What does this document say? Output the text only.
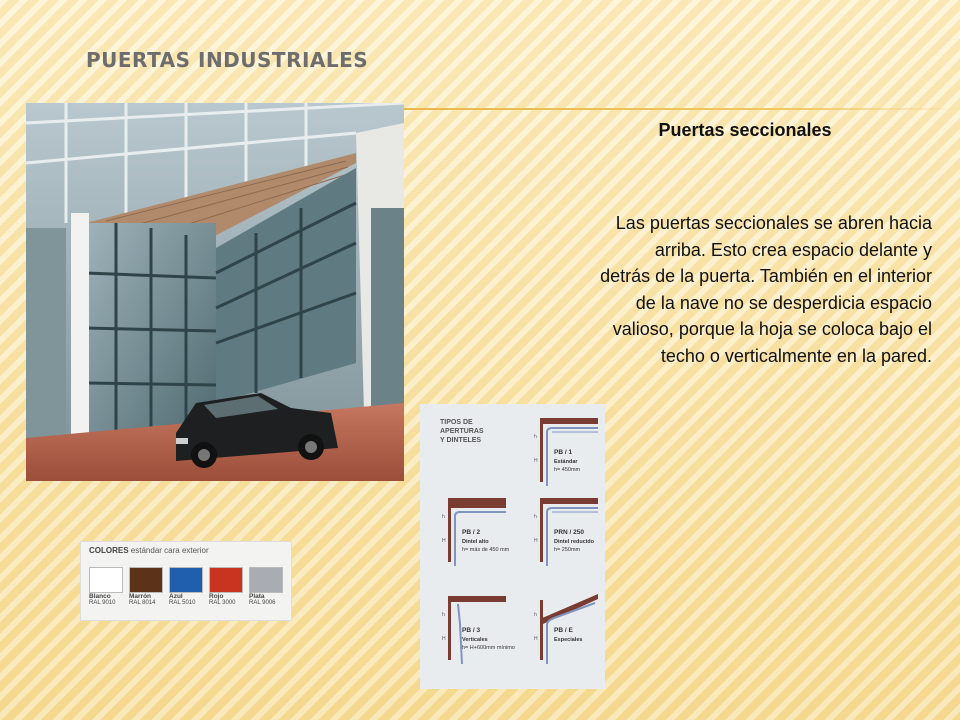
PUERTAS INDUSTRIALES
Puertas seccionales

Las puertas seccionales se abren hacia arriba. Esto crea espacio delante y detrás de la puerta. También en el interior de la nave no se desperdicia espacio valioso, porque la hoja se coloca bajo el techo o verticalmente en la pared.

COLORES estándar cara exterior
Blanco
RAL 9010
Marrón
RAL 8014
Azul
RAL 5010
Rojo
RAL 3000
Plata
RAL 9006
TIPOS DE
APERTURAS
Y DINTELES	h
H
PB / 1
Estándar
h= 450mm
h
H
PB / 2
Dintel alto
h= más de 450 mm
h
H
PRN / 250
Dintel reducido
h= 250mm
h
H
PB / 3
Verticales
h= H+600mm mínimo
h
H
PB / E
Especiales
